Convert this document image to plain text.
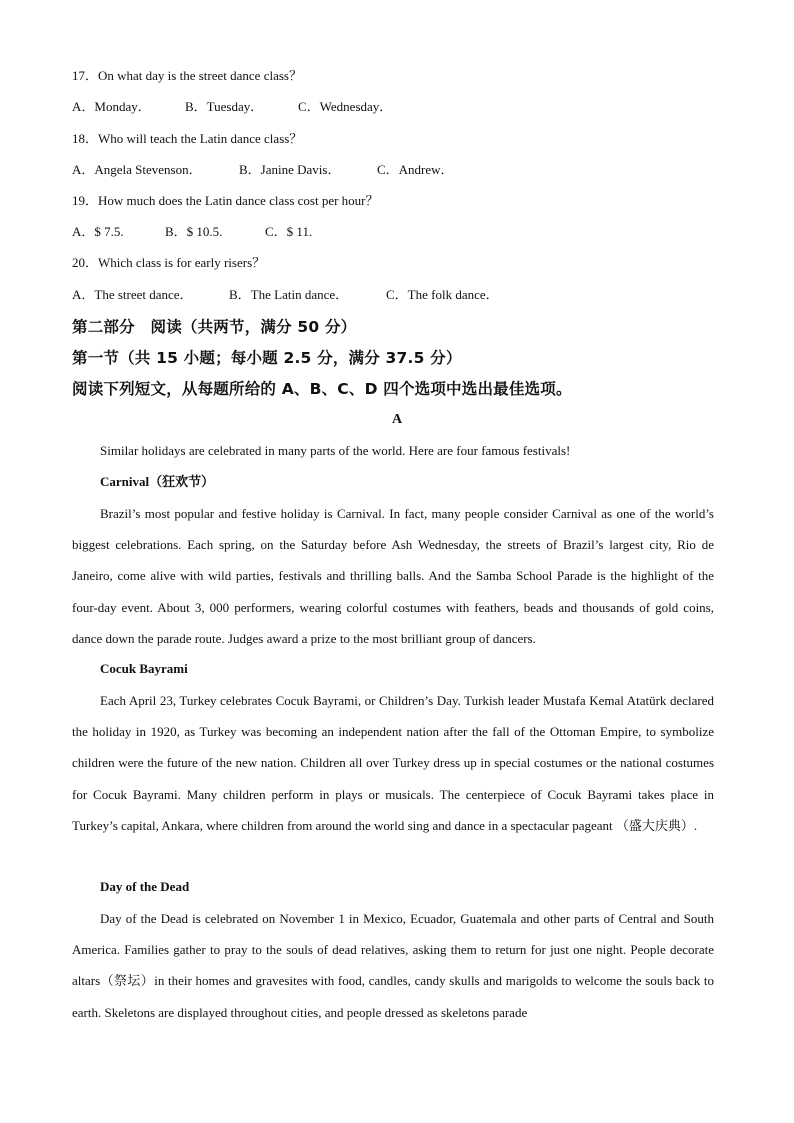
17．On what day is the street dance class？
A．Monday．	B．Tuesday．	C．Wednesday．
18．Who will teach the Latin dance class？
A．Angela Stevenson．	B．Janine Davis．	C．Andrew．
19．How much does the Latin dance class cost per hour？
A．$ 7.5.	B．$ 10.5.	C．$ 11.
20．Which class is for early risers？
A．The street dance．	B．The Latin dance．	C．The folk dance．
第二部分　阅读（共两节，满分 50 分）
第一节（共 15 小题；每小题 2.5 分，满分 37.5 分）
阅读下列短文，从每题所给的 A、B、C、D 四个选项中选出最佳选项。
A
Similar holidays are celebrated in many parts of the world. Here are four famous festivals!
Carnival（狂欢节）

Brazil’s most popular and festive holiday is Carnival. In fact, many people consider Carnival as one of the world’s biggest celebrations. Each spring, on the Saturday before Ash Wednesday, the streets of Brazil’s largest city, Rio de Janeiro, come alive with wild parties, festivals and thrilling balls. And the Samba School Parade is the highlight of the four-day event. About 3, 000 performers, wearing colorful costumes with feathers, beads and thousands of gold coins, dance down the parade route. Judges award a prize to the most brilliant group of dancers.

Cocuk Bayrami

Each April 23, Turkey celebrates Cocuk Bayrami, or Children’s Day. Turkish leader Mustafa Kemal Atatürk declared the holiday in 1920, as Turkey was becoming an independent nation after the fall of the Ottoman Empire, to symbolize children were the future of the new nation. Children all over Turkey dress up in special costumes or the national costumes for Cocuk Bayrami. Many children perform in plays or musicals. The centerpiece of Cocuk Bayrami takes place in Turkey’s capital, Ankara, where children from around the world sing and dance in a spectacular pageant （盛大庆典）.

Day of the Dead

Day of the Dead is celebrated on November 1 in Mexico, Ecuador, Guatemala and other parts of Central and South America. Families gather to pray to the souls of dead relatives, asking them to return for just one night. People decorate altars（祭坛）in their homes and gravesites with food, candles, candy skulls and marigolds to welcome the souls back to earth. Skeletons are displayed throughout cities, and people dressed as skeletons parade
